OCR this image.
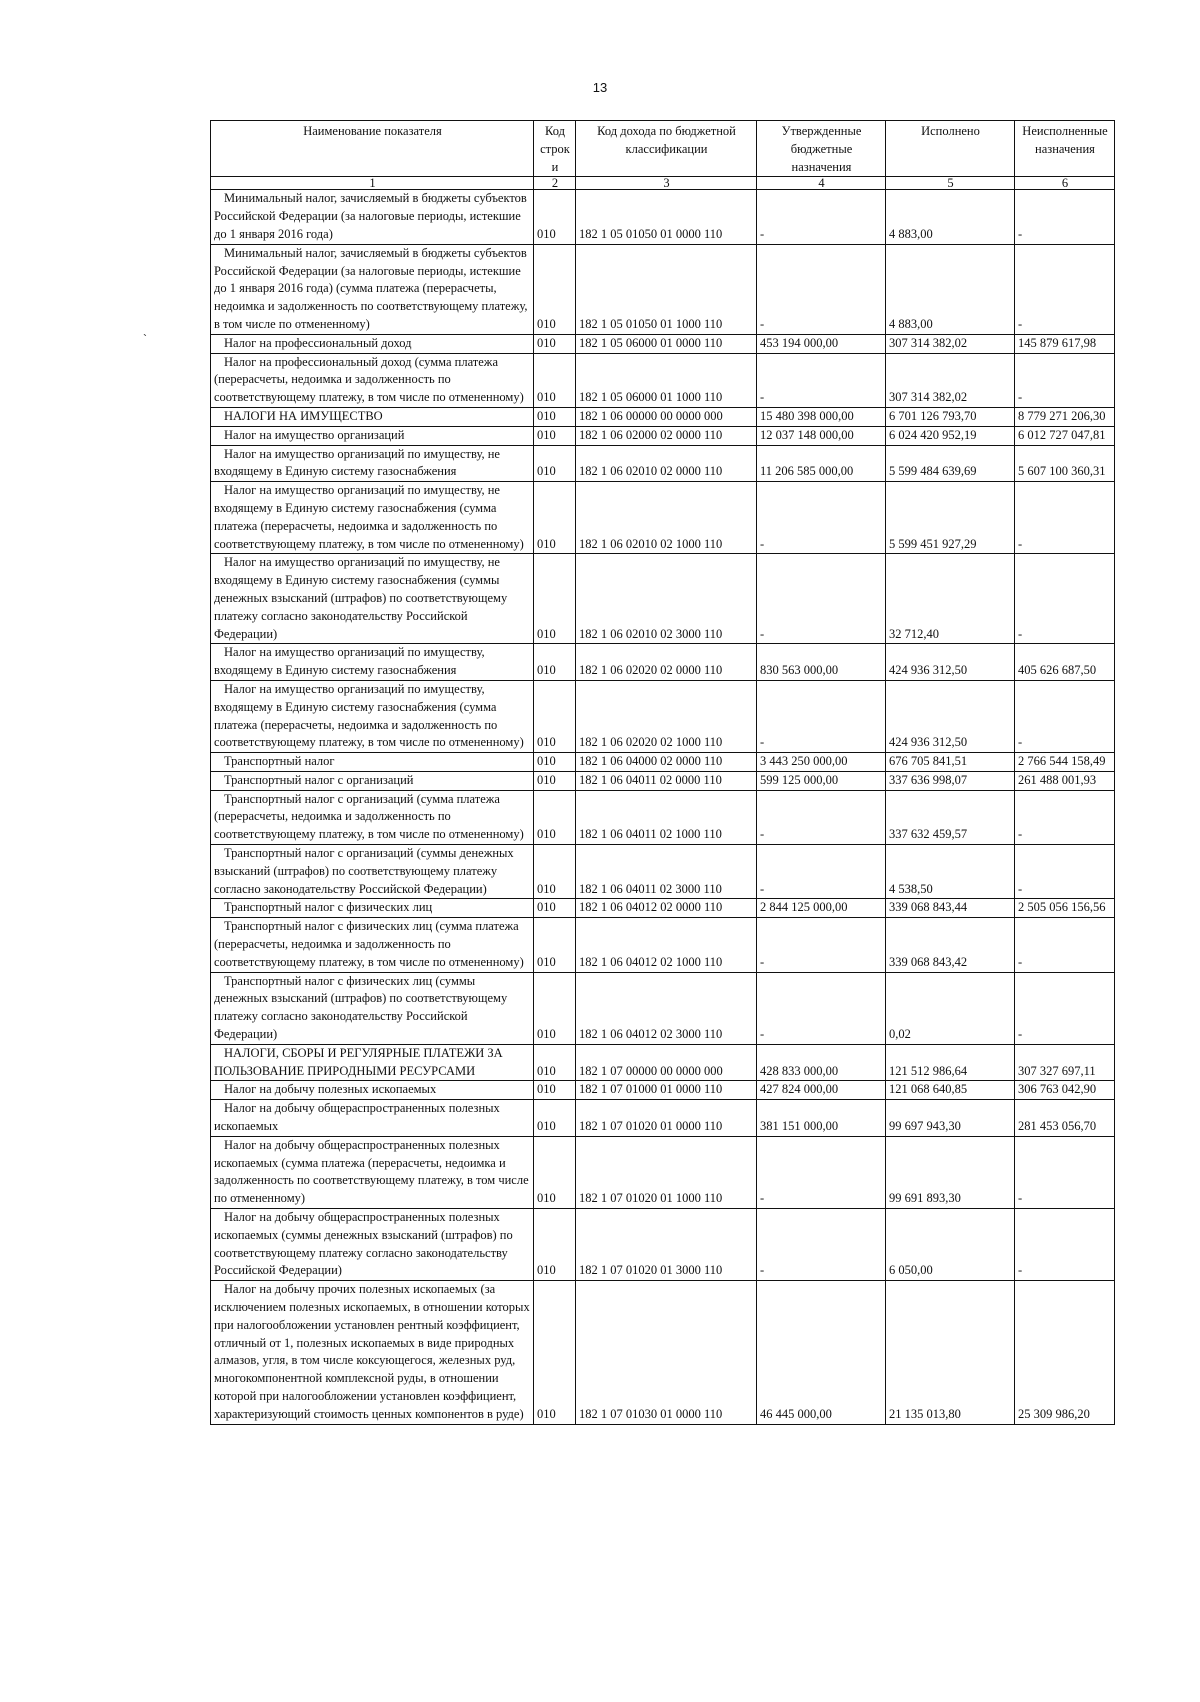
13
`
Наименование показателя	Код строки	Код дохода по бюджетной классификации	Утвержденные бюджетные назначения	Исполнено	Неисполненные назначения
1	2	3	4	5	6
Минимальный налог, зачисляемый в бюджеты субъектов Российской Федерации (за налоговые периоды, истекшие до 1 января 2016 года)	010	182 1 05 01050 01 0000 110	-	4 883,00	-
Минимальный налог, зачисляемый в бюджеты субъектов Российской Федерации (за налоговые периоды, истекшие до 1 января 2016 года) (сумма платежа (перерасчеты, недоимка и задолженность по соответствующему платежу, в том числе по отмененному)	010	182 1 05 01050 01 1000 110	-	4 883,00	-
Налог на профессиональный доход	010	182 1 05 06000 01 0000 110	453 194 000,00	307 314 382,02	145 879 617,98
Налог на профессиональный доход (сумма платежа (перерасчеты, недоимка и задолженность по соответствующему платежу, в том числе по отмененному)	010	182 1 05 06000 01 1000 110	-	307 314 382,02	-
НАЛОГИ НА ИМУЩЕСТВО	010	182 1 06 00000 00 0000 000	15 480 398 000,00	6 701 126 793,70	8 779 271 206,30
Налог на имущество организаций	010	182 1 06 02000 02 0000 110	12 037 148 000,00	6 024 420 952,19	6 012 727 047,81
Налог на имущество организаций по имуществу, не входящему в Единую систему газоснабжения	010	182 1 06 02010 02 0000 110	11 206 585 000,00	5 599 484 639,69	5 607 100 360,31
Налог на имущество организаций по имуществу, не входящему в Единую систему газоснабжения (сумма платежа (перерасчеты, недоимка и задолженность по соответствующему платежу, в том числе по отмененному)	010	182 1 06 02010 02 1000 110	-	5 599 451 927,29	-
Налог на имущество организаций по имуществу, не входящему в Единую систему газоснабжения (суммы денежных взысканий (штрафов) по соответствующему платежу согласно законодательству Российской Федерации)	010	182 1 06 02010 02 3000 110	-	32 712,40	-
Налог на имущество организаций по имуществу, входящему в Единую систему газоснабжения	010	182 1 06 02020 02 0000 110	830 563 000,00	424 936 312,50	405 626 687,50
Налог на имущество организаций по имуществу, входящему в Единую систему газоснабжения (сумма платежа (перерасчеты, недоимка и задолженность по соответствующему платежу, в том числе по отмененному)	010	182 1 06 02020 02 1000 110	-	424 936 312,50	-
Транспортный налог	010	182 1 06 04000 02 0000 110	3 443 250 000,00	676 705 841,51	2 766 544 158,49
Транспортный налог с организаций	010	182 1 06 04011 02 0000 110	599 125 000,00	337 636 998,07	261 488 001,93
Транспортный налог с организаций (сумма платежа (перерасчеты, недоимка и задолженность по соответствующему платежу, в том числе по отмененному)	010	182 1 06 04011 02 1000 110	-	337 632 459,57	-
Транспортный налог с организаций (суммы денежных взысканий (штрафов) по соответствующему платежу согласно законодательству Российской Федерации)	010	182 1 06 04011 02 3000 110	-	4 538,50	-
Транспортный налог с физических лиц	010	182 1 06 04012 02 0000 110	2 844 125 000,00	339 068 843,44	2 505 056 156,56
Транспортный налог с физических лиц (сумма платежа (перерасчеты, недоимка и задолженность по соответствующему платежу, в том числе по отмененному)	010	182 1 06 04012 02 1000 110	-	339 068 843,42	-
Транспортный налог с физических лиц (суммы денежных взысканий (штрафов) по соответствующему платежу согласно законодательству Российской Федерации)	010	182 1 06 04012 02 3000 110	-	0,02	-
НАЛОГИ, СБОРЫ И РЕГУЛЯРНЫЕ ПЛАТЕЖИ ЗА ПОЛЬЗОВАНИЕ ПРИРОДНЫМИ РЕСУРСАМИ	010	182 1 07 00000 00 0000 000	428 833 000,00	121 512 986,64	307 327 697,11
Налог на добычу полезных ископаемых	010	182 1 07 01000 01 0000 110	427 824 000,00	121 068 640,85	306 763 042,90
Налог на добычу общераспространенных полезных ископаемых	010	182 1 07 01020 01 0000 110	381 151 000,00	99 697 943,30	281 453 056,70
Налог на добычу общераспространенных полезных ископаемых (сумма платежа (перерасчеты, недоимка и задолженность по соответствующему платежу, в том числе по отмененному)	010	182 1 07 01020 01 1000 110	-	99 691 893,30	-
Налог на добычу общераспространенных полезных ископаемых (суммы денежных взысканий (штрафов) по соответствующему платежу согласно законодательству Российской Федерации)	010	182 1 07 01020 01 3000 110	-	6 050,00	-
Налог на добычу прочих полезных ископаемых (за исключением полезных ископаемых, в отношении которых при налогообложении установлен рентный коэффициент, отличный от 1, полезных ископаемых в виде природных алмазов, угля, в том числе коксующегося, железных руд, многокомпонентной комплексной руды, в отношении которой при налогообложении установлен коэффициент, характеризующий стоимость ценных компонентов в руде)	010	182 1 07 01030 01 0000 110	46 445 000,00	21 135 013,80	25 309 986,20
